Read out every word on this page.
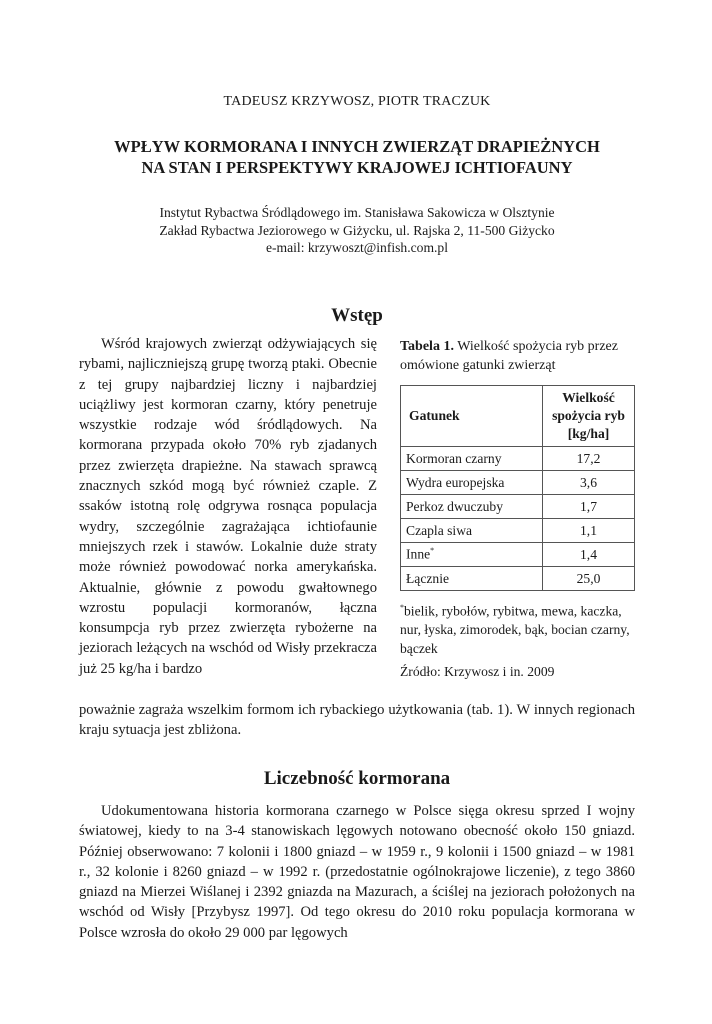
TADEUSZ KRZYWOSZ, PIOTR TRACZUK
WPŁYW KORMORANA I INNYCH ZWIERZĄT DRAPIEŻNYCH
NA STAN I PERSPEKTYWY KRAJOWEJ ICHTIOFAUNY
Instytut Rybactwa Śródlądowego im. Stanisława Sakowicza w Olsztynie
Zakład Rybactwa Jeziorowego w Giżycku, ul. Rajska 2, 11-500 Giżycko
e-mail: krzywoszt@infish.com.pl
Wstęp

Wśród krajowych zwierząt odżywiających się rybami, najliczniejszą grupę tworzą ptaki. Obecnie z tej grupy najbardziej liczny i najbardziej uciążliwy jest kormoran czarny, który penetruje wszystkie rodzaje wód śródlądowych. Na kormorana przypada około 70% ryb zjadanych przez zwierzęta drapieżne. Na stawach sprawcą znacznych szkód mogą być również czaple. Z ssaków istotną rolę odgrywa rosnąca populacja wydry, szczególnie zagrażająca ichtiofaunie mniejszych rzek i stawów. Lokalnie duże straty może również powodować norka amerykańska. Aktualnie, głównie z powodu gwałtownego wzrostu populacji kormoranów, łączna konsumpcja ryb przez zwierzęta rybożerne na jeziorach leżących na wschód od Wisły przekracza już 25 kg/ha i bardzo

Tabela 1. Wielkość spożycia ryb przez omówione gatunki zwierząt
Gatunek	Wielkość
spożycia ryb
[kg/ha]

Kormoran czarny	17,2
Wydra europejska	3,6
Perkoz dwuczuby	1,7
Czapla siwa	1,1
Inne*	1,4
Łącznie	25,0
*bielik, rybołów, rybitwa, mewa, kaczka, nur, łyska, zimorodek, bąk, bocian czarny, bączek
Źródło: Krzywosz i in. 2009

poważnie zagraża wszelkim formom ich rybackiego użytkowania (tab. 1). W innych regionach kraju sytuacja jest zbliżona.

Liczebność kormorana

Udokumentowana historia kormorana czarnego w Polsce sięga okresu sprzed I wojny światowej, kiedy to na 3-4 stanowiskach lęgowych notowano obecność około 150 gniazd. Później obserwowano: 7 kolonii i 1800 gniazd – w 1959 r., 9 kolonii i 1500 gniazd – w 1981 r., 32 kolonie i 8260 gniazd – w 1992 r. (przedostatnie ogólnokrajowe liczenie), z tego 3860 gniazd na Mierzei Wiślanej i 2392 gniazda na Mazurach, a ściślej na jeziorach położonych na wschód od Wisły [Przybysz 1997]. Od tego okresu do 2010 roku populacja kormorana w Polsce wzrosła do około 29 000 par lęgowych
